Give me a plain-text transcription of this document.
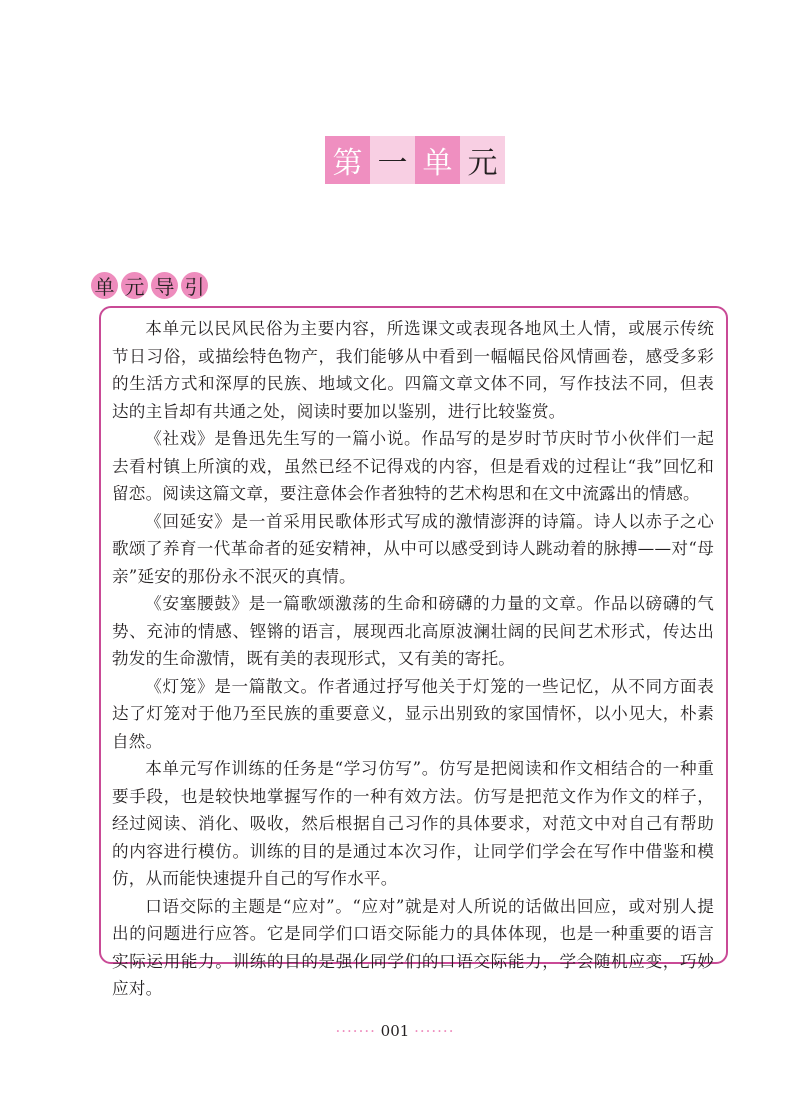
第 一 单 元
单 元 导 引

本单元以民风民俗为主要内容，所选课文或表现各地风土人情，或展示传统节日习俗，或描绘特色物产，我们能够从中看到一幅幅民俗风情画卷，感受多彩的生活方式和深厚的民族、地域文化。四篇文章文体不同，写作技法不同，但表达的主旨却有共通之处，阅读时要加以鉴别，进行比较鉴赏。

《社戏》是鲁迅先生写的一篇小说。作品写的是岁时节庆时节小伙伴们一起去看村镇上所演的戏，虽然已经不记得戏的内容，但是看戏的过程让“我”回忆和留恋。阅读这篇文章，要注意体会作者独特的艺术构思和在文中流露出的情感。

《回延安》是一首采用民歌体形式写成的激情澎湃的诗篇。诗人以赤子之心歌颂了养育一代革命者的延安精神，从中可以感受到诗人跳动着的脉搏——对“母亲”延安的那份永不泯灭的真情。

《安塞腰鼓》是一篇歌颂激荡的生命和磅礴的力量的文章。作品以磅礴的气势、充沛的情感、铿锵的语言，展现西北高原波澜壮阔的民间艺术形式，传达出勃发的生命激情，既有美的表现形式，又有美的寄托。

《灯笼》是一篇散文。作者通过抒写他关于灯笼的一些记忆，从不同方面表达了灯笼对于他乃至民族的重要意义，显示出别致的家国情怀，以小见大，朴素自然。

本单元写作训练的任务是“学习仿写”。仿写是把阅读和作文相结合的一种重要手段，也是较快地掌握写作的一种有效方法。仿写是把范文作为作文的样子，经过阅读、消化、吸收，然后根据自己习作的具体要求，对范文中对自己有帮助的内容进行模仿。训练的目的是通过本次习作，让同学们学会在写作中借鉴和模仿，从而能快速提升自己的写作水平。

口语交际的主题是“应对”。“应对”就是对人所说的话做出回应，或对别人提出的问题进行应答。它是同学们口语交际能力的具体体现，也是一种重要的语言实际运用能力。训练的目的是强化同学们的口语交际能力，学会随机应变，巧妙应对。

······· 001 ·······
